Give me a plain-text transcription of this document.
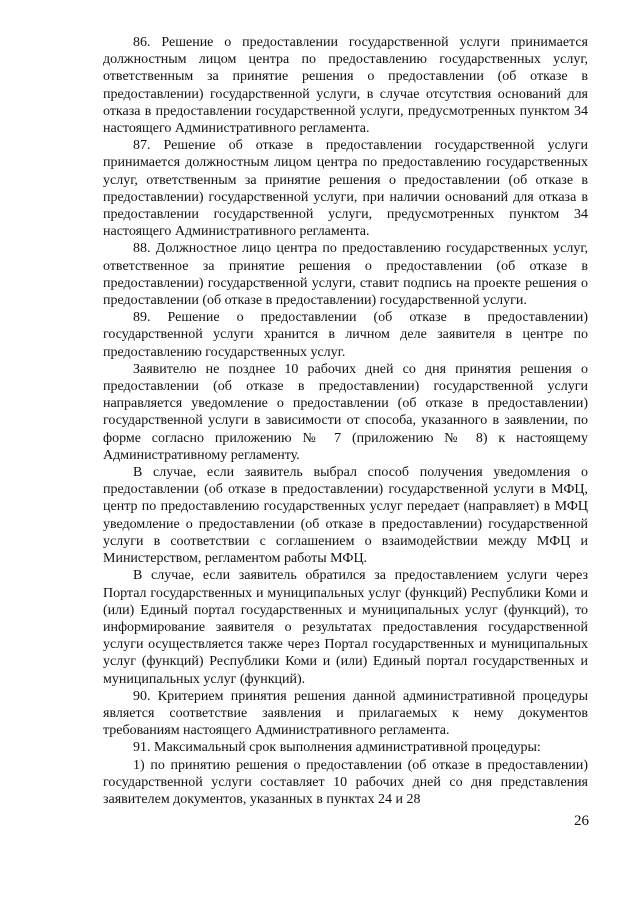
86. Решение о предоставлении государственной услуги принимается должностным лицом центра по предоставлению государственных услуг, ответственным за принятие решения о предоставлении (об отказе в предоставлении) государственной услуги, в случае отсутствия оснований для отказа в предоставлении государственной услуги, предусмотренных пунктом 34 настоящего Административного регламента.

87. Решение об отказе в предоставлении государственной услуги принимается должностным лицом центра по предоставлению государственных услуг, ответственным за принятие решения о предоставлении (об отказе в предоставлении) государственной услуги, при наличии оснований для отказа в предоставлении государственной услуги, предусмотренных пунктом 34 настоящего Административного регламента.

88. Должностное лицо центра по предоставлению государственных услуг, ответственное за принятие решения о предоставлении (об отказе в предоставлении) государственной услуги, ставит подпись на проекте решения о предоставлении (об отказе в предоставлении) государственной услуги.

89. Решение о предоставлении (об отказе в предоставлении) государственной услуги хранится в личном деле заявителя в центре по предоставлению государственных услуг.

Заявителю не позднее 10 рабочих дней со дня принятия решения о предоставлении (об отказе в предоставлении) государственной услуги направляется уведомление о предоставлении (об отказе в предоставлении) государственной услуги в зависимости от способа, указанного в заявлении, по форме согласно приложению № 7 (приложению № 8) к настоящему Административному регламенту.

В случае, если заявитель выбрал способ получения уведомления о предоставлении (об отказе в предоставлении) государственной услуги в МФЦ, центр по предоставлению государственных услуг передает (направляет) в МФЦ уведомление о предоставлении (об отказе в предоставлении) государственной услуги в соответствии с соглашением о взаимодействии между МФЦ и Министерством, регламентом работы МФЦ.

В случае, если заявитель обратился за предоставлением услуги через Портал государственных и муниципальных услуг (функций) Республики Коми и (или) Единый портал государственных и муниципальных услуг (функций), то информирование заявителя о результатах предоставления государственной услуги осуществляется также через Портал государственных и муниципальных услуг (функций) Республики Коми и (или) Единый портал государственных и муниципальных услуг (функций).

90. Критерием принятия решения данной административной процедуры является соответствие заявления и прилагаемых к нему документов требованиям настоящего Административного регламента.

91. Максимальный срок выполнения административной процедуры:

1) по принятию решения о предоставлении (об отказе в предоставлении) государственной услуги составляет 10 рабочих дней со дня представления заявителем документов, указанных в пунктах 24 и 28

26
